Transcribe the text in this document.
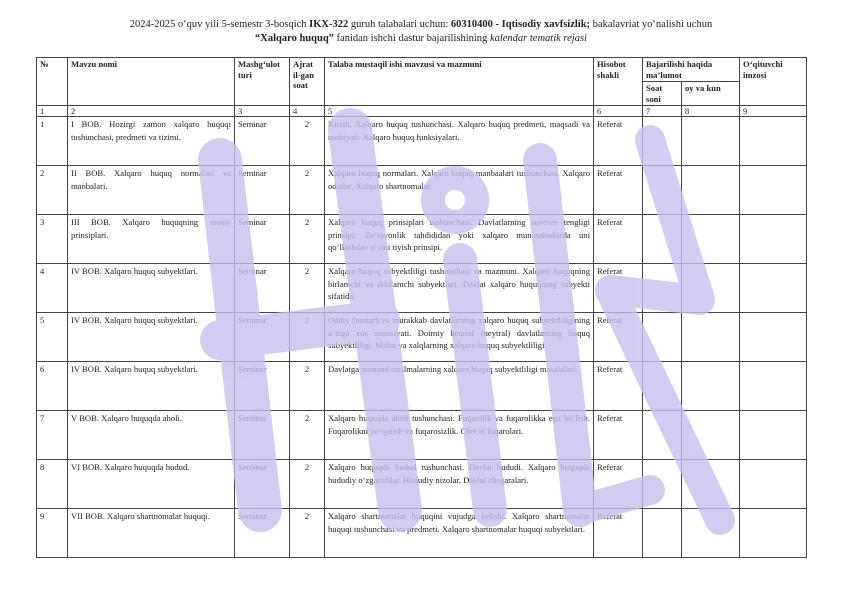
2024-2025 o‘quv yili 5-semestr 3-bosqich IKX-322 guruh talabalari uchun: 60310400 - Iqtisodiy xavfsizlik; bakalavriat yo‘nalishi uchun
“Xalqaro huquq” fanidan ishchi dastur bajarilishining kalendar tematik rejasi
№	Mavzu nomi	Mashg‘ulot turi	Ajrat il-gan soat	Talaba mustaqil ishi mavzusi va mazmuni	Hisobot shakli	Bajarilishi haqida ma’lumot		O‘qituvchi imzosi
						Soat soni	oy va kun	
1	2	3	4	5	6	7	8	9
1	I BOB. Hozirgi zamon xalqaro huquqi tushunchasi, predmeti va tizimi.	Seminar	2	Kirish, Xalqaro huquq tushunchasi. Xalqaro huquq predmeti, maqsadi va mohiyati. Xalqaro huquq funksiyalari.	Referat			
2	II BOB. Xalqaro huquq normalari va manbalari.	Seminar	2	Xalqaro huquq normalari. Xalqaro huquq manbaalari tushunchasi. Xalqaro odatlar. Xalqaro shartnomalar.	Referat			
3	III BOB. Xalqaro huquqning asosiy prinsiplari.	Seminar	2	Xalqaro huquq prinsiplari tushunchasi. Davlatlarning suveren tengligi prinsipi. Zo‘ravonlik tahdididan yoki xalqaro munosabatlarda uni qo‘llashdan o‘zini tiyish prinsipi.	Referat			
4	IV BOB. Xalqaro huquq subyektlari.	Seminar	2	Xalqaro huquq subyektliligi tushunchasi va mazmuni. Xalqaro huquqning birlamchi va ikkilamchi subyektlari. Davlat xalqaro huquqning subyekti sifatida.	Referat			
5	IV BOB. Xalqaro huquq subyektlari.	Seminar	2	Oddiy (unitar) va murakkab davlatlarning xalqaro huquq subyektliligining o‘ziga xos xususiyati. Doimiy betaraf (neytral) davlatlarning huquq subyektliligi. Millat va xalqlarning xalqaro huquq subyektliligi.	Referat			
6	IV BOB. Xalqaro huquq subyektlari.	Seminar	2	Davlatga monand tuzilmalarning xalqaro huquq subyektliligi masalalari.	Referat			
7	V BOB. Xalqaro huquqda aholi.	Seminar	2	Xalqaro huquqda aholi tushunchasi. Fuqarolik va fuqarolikka ega bo‘lish. Fuqarolikni yo‘qotish va fuqarosizlik. Chet el fuqarolari.	Referat			
8	VI BOB. Xalqaro huquqda hudud.	Seminar	2	Xalqaro huquqda hudud tushunchasi. Davlat hududi. Xalqaro huquqda hududiy o‘zgarishlar. Hududiy nizolar. Davlat chegaralari.	Referat			
9	VII BOB. Xalqaro shartnomalar huquqi.	Seminar	2	Xalqaro shartnomalar huquqini vujudga kelishi. Xalqaro shartnomalar huquqi tushunchasi va predmeti. Xalqaro shartnomalar huquqi subyektlari.	Referat			
